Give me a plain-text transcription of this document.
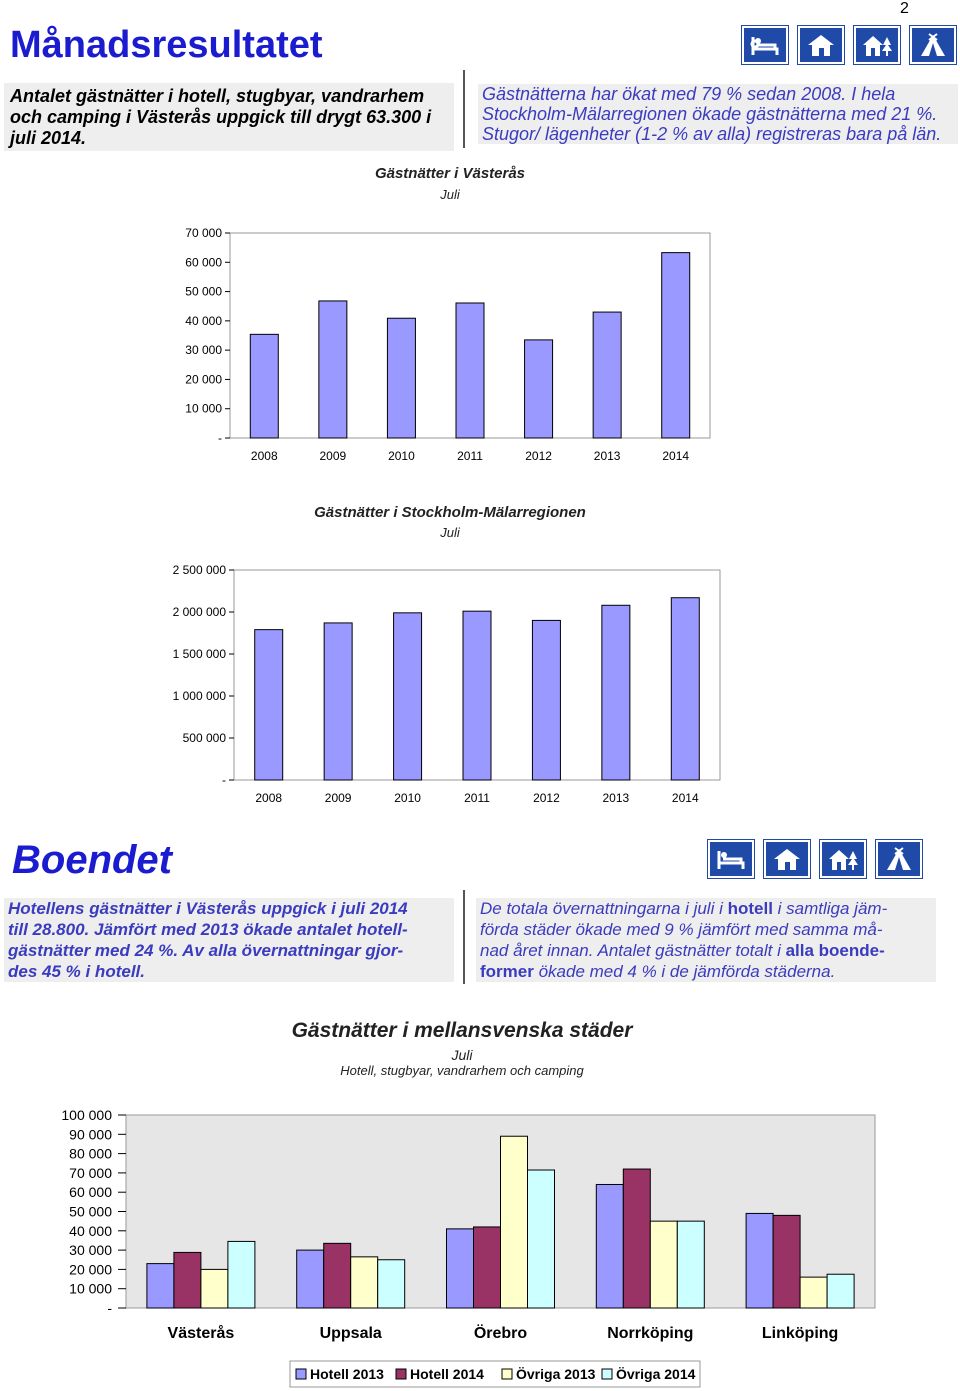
2
Månadsresultatet
Antalet gästnätter i hotell, stugbyar, vandrarhem och camping i Västerås uppgick till drygt 63.300 i juli 2014.
Gästnätterna har ökat med 79 % sedan 2008. I hela
Stockholm-Mälarregionen ökade gästnätterna med 21 %.
Stugor/ lägenheter (1-2 % av alla) registreras bara på län.
Gästnätter i Västerås
Juli
-
10 000
20 000
30 000
40 000
50 000
60 000
70 000
2008	2009	2010	2011	2012	2013	2014
Gästnätter i Stockholm-Mälarregionen
Juli
-
500 000
1 000 000
1 500 000
2 000 000
2 500 000
2008	2009	2010	2011	2012	2013	2014
Boendet
Hotellens gästnätter i Västerås uppgick i juli 2014
till 28.800. Jämfört med 2013 ökade antalet hotell-
gästnätter med 24 %. Av alla övernattningar gjor-
des 45 % i hotell.
De totala övernattningarna i juli i hotell i samtliga jäm-
förda städer ökade med 9 % jämfört med samma må-
nad året innan. Antalet gästnätter totalt i alla boende-
former ökade med 4 % i de jämförda städerna.
Gästnätter i mellansvenska städer
Juli
Hotell, stugbyar, vandrarhem och camping
-
10 000
20 000
30 000
40 000
50 000
60 000
70 000
80 000
90 000
100 000
Västerås	Uppsala	Örebro	Norrköping	Linköping
Hotell 2013 Hotell 2014 Övriga 2013 Övriga 2014
